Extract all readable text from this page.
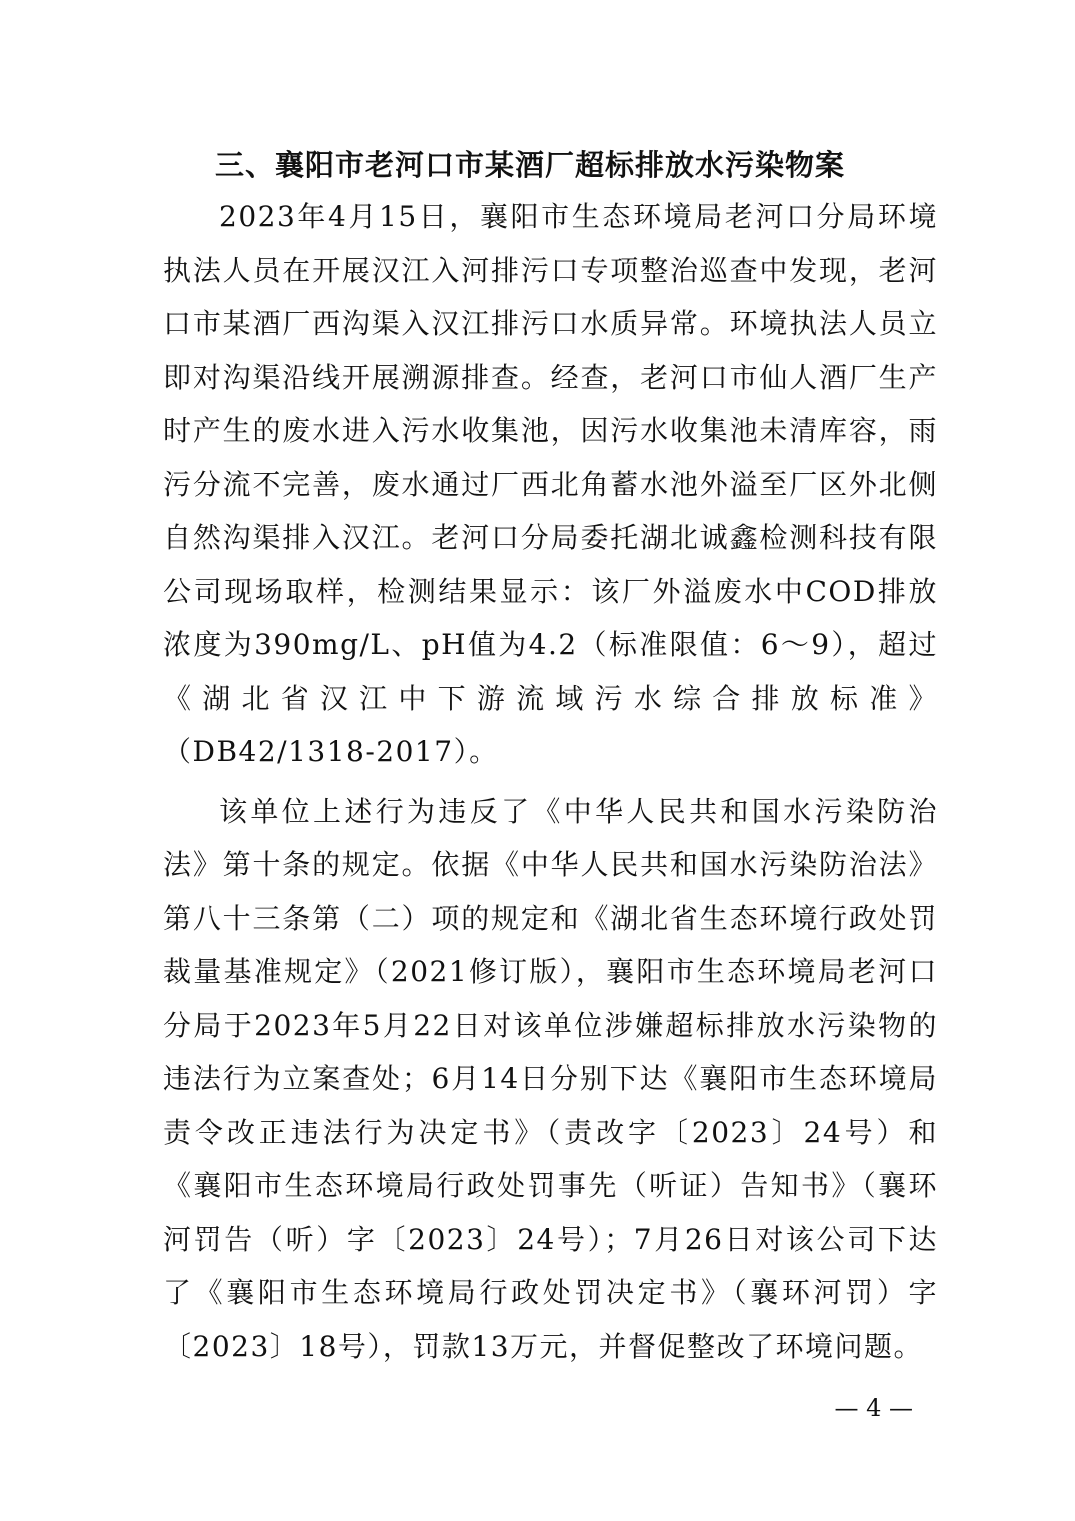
三、襄阳市老河口市某酒厂超标排放水污染物案

2023年4月15日，襄阳市生态环境局老河口分局环境执法人员在开展汉江入河排污口专项整治巡查中发现，老河口市某酒厂西沟渠入汉江排污口水质异常。环境执法人员立即对沟渠沿线开展溯源排查。经查，老河口市仙人酒厂生产时产生的废水进入污水收集池，因污水收集池未清库容，雨污分流不完善，废水通过厂西北角蓄水池外溢至厂区外北侧自然沟渠排入汉江。老河口分局委托湖北诚鑫检测科技有限公司现场取样，检测结果显示：该厂外溢废水中COD排放浓度为390mg/L、pH值为4.2（标准限值：6～9），超过《湖北省汉江中下游流域污水综合排放标准》（DB42/1318-2017）。

该单位上述行为违反了《中华人民共和国水污染防治法》第十条的规定。依据《中华人民共和国水污染防治法》第八十三条第（二）项的规定和《湖北省生态环境行政处罚裁量基准规定》（2021修订版），襄阳市生态环境局老河口分局于2023年5月22日对该单位涉嫌超标排放水污染物的违法行为立案查处；6月14日分别下达《襄阳市生态环境局责令改正违法行为决定书》（责改字〔2023〕24号）和《襄阳市生态环境局行政处罚事先（听证）告知书》（襄环河罚告（听）字〔2023〕24号）；7月26日对该公司下达了《襄阳市生态环境局行政处罚决定书》（襄环河罚）字〔2023〕18号），罚款13万元，并督促整改了环境问题。

— 4 —
